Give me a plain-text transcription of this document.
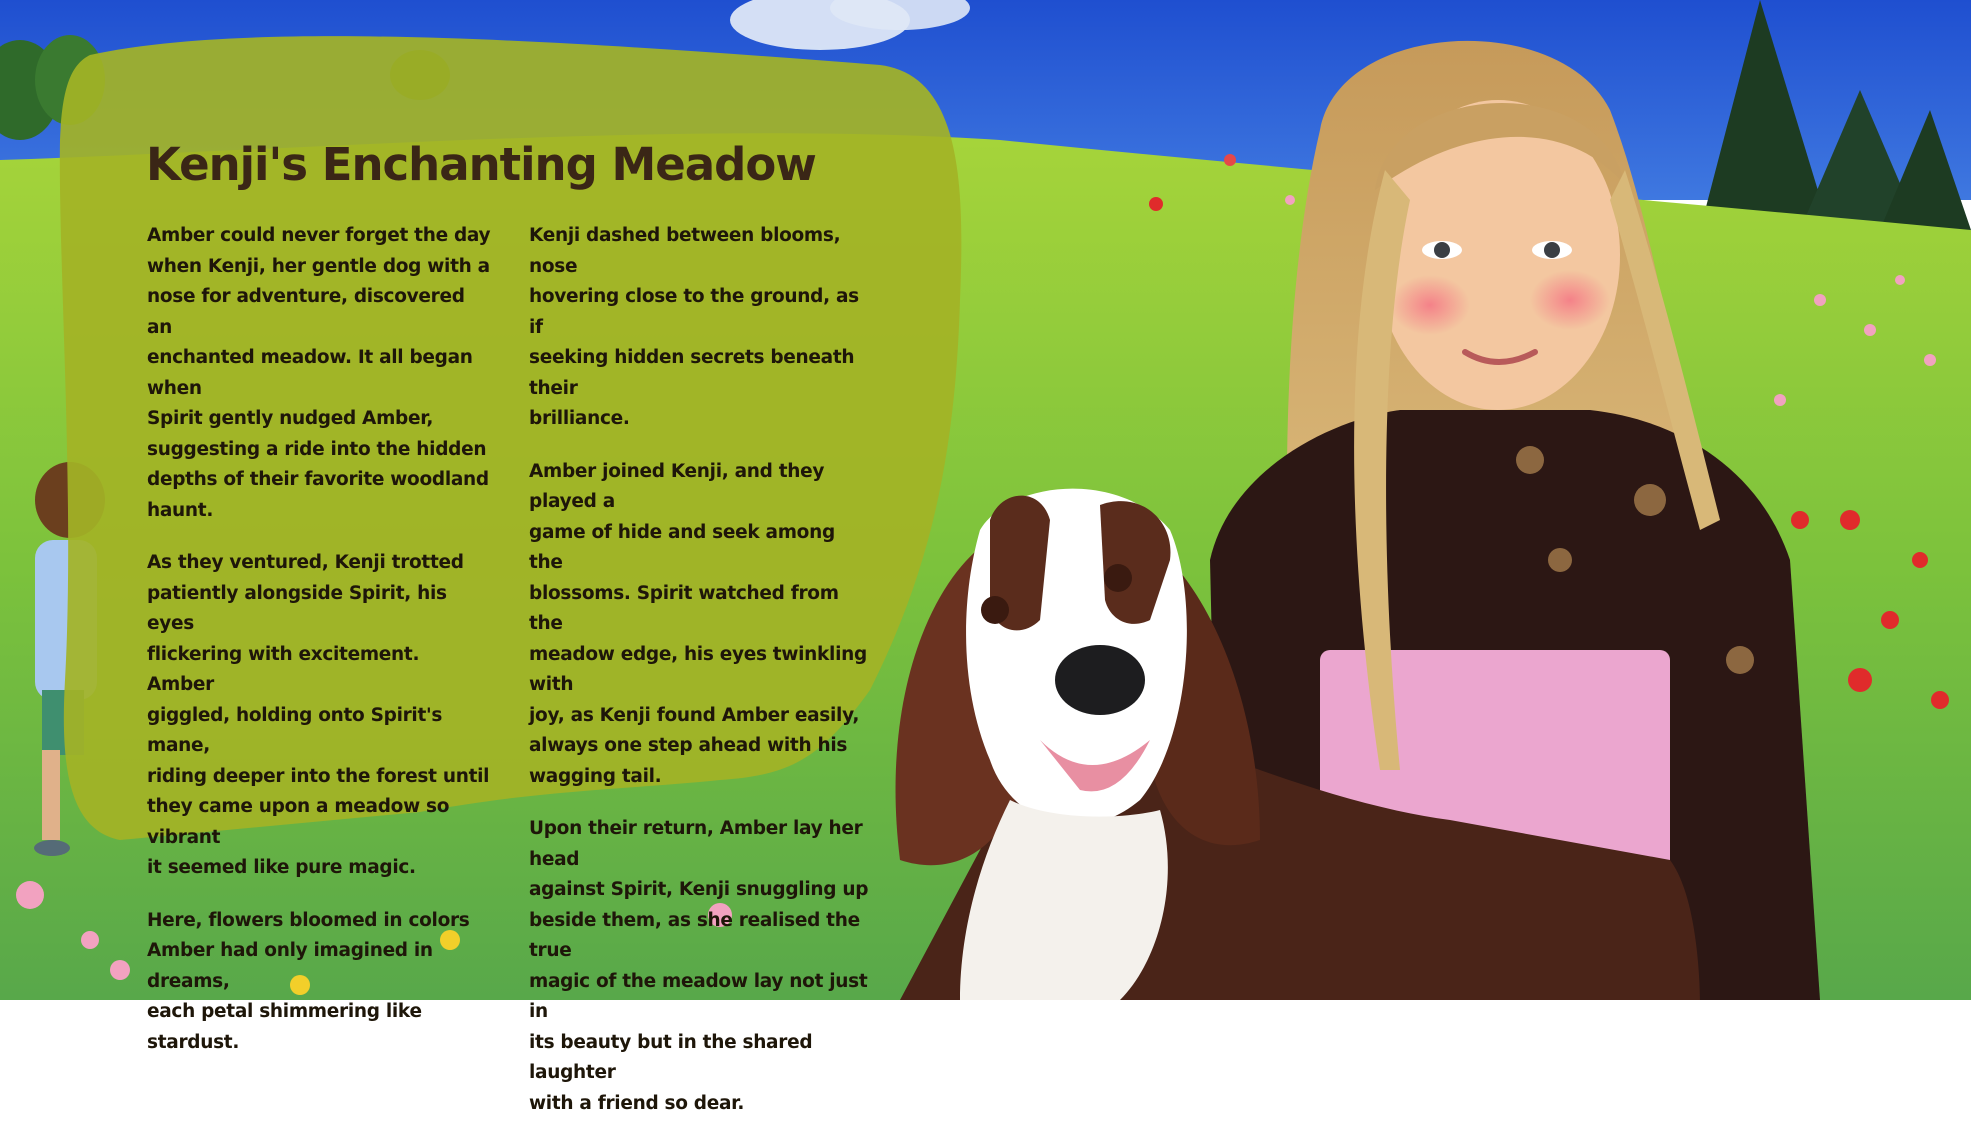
Kenji's Enchanting Meadow

Amber could never forget the day
when Kenji, her gentle dog with a
nose for adventure, discovered an
enchanted meadow. It all began when
Spirit gently nudged Amber,
suggesting a ride into the hidden
depths of their favorite woodland
haunt.

As they ventured, Kenji trotted
patiently alongside Spirit, his eyes
flickering with excitement. Amber
giggled, holding onto Spirit's mane,
riding deeper into the forest until
they came upon a meadow so vibrant
it seemed like pure magic.

Here, flowers bloomed in colors
Amber had only imagined in dreams,
each petal shimmering like stardust.

Kenji dashed between blooms, nose
hovering close to the ground, as if
seeking hidden secrets beneath their
brilliance.

Amber joined Kenji, and they played a
game of hide and seek among the
blossoms. Spirit watched from the
meadow edge, his eyes twinkling with
joy, as Kenji found Amber easily,
always one step ahead with his
wagging tail.

Upon their return, Amber lay her head
against Spirit, Kenji snuggling up
beside them, as she realised the true
magic of the meadow lay not just in
its beauty but in the shared laughter
with a friend so dear.
